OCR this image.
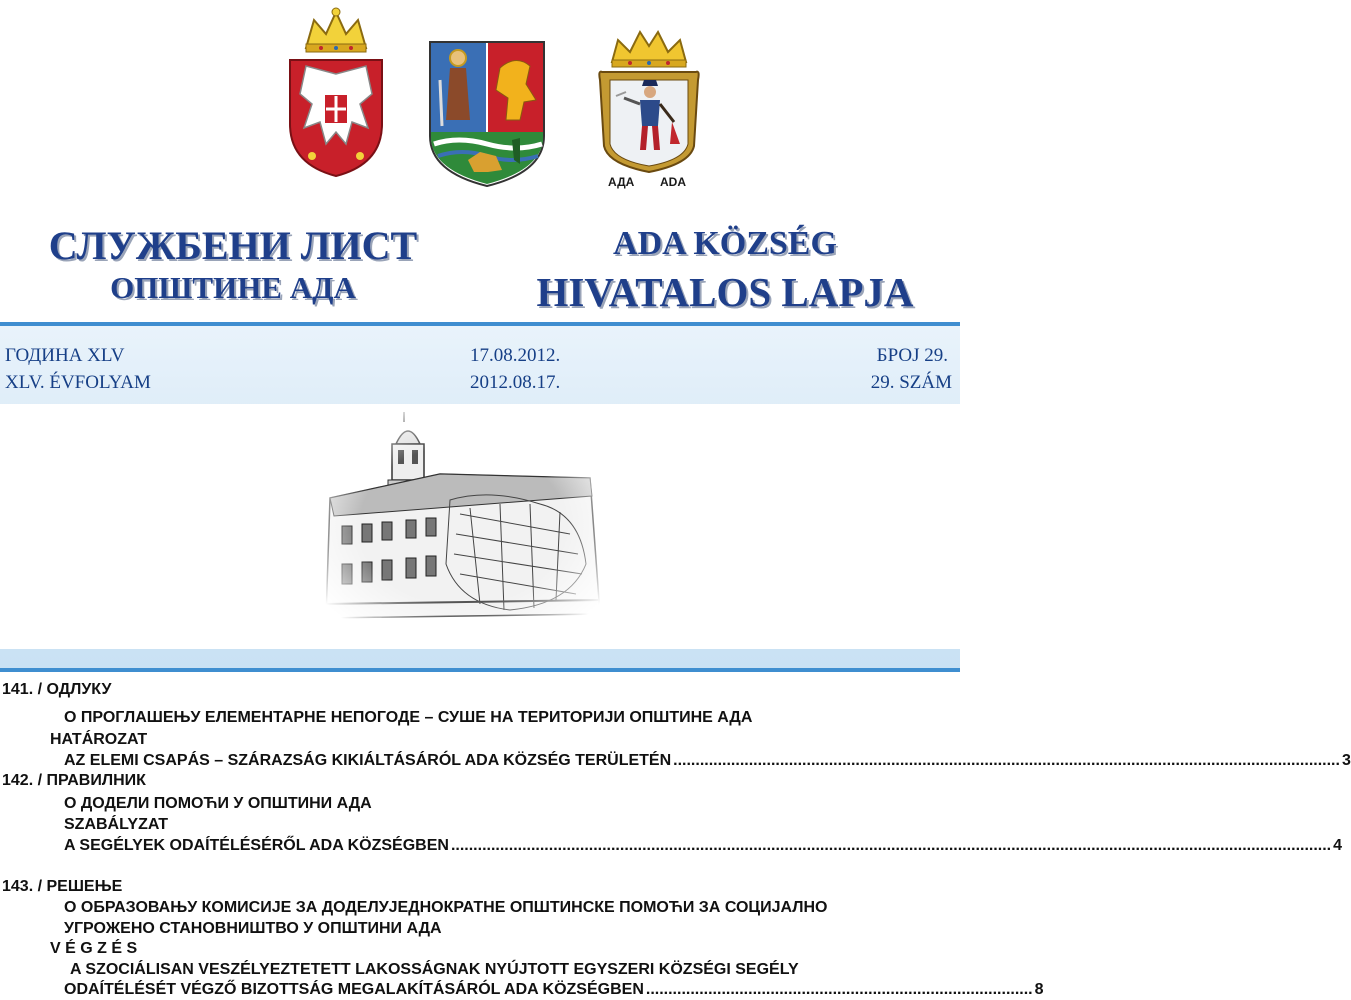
АДА ADA
СЛУЖБЕНИ ЛИСТ
ОПШТИНЕ АДА
ADA KÖZSÉG
HIVATALOS LAPJA
ГОДИНА XLV
XLV. ÉVFOLYAM
17.08.2012.
2012.08.17.
БРОЈ 29.
29. SZÁM
141. / ОДЛУКУ
О ПРОГЛАШЕЊУ ЕЛЕМЕНТАРНЕ НЕПОГОДЕ – СУШЕ НА ТЕРИТОРИЈИ ОПШТИНЕ АДА
HATÁROZAT
AZ ELEMI CSAPÁS – SZÁRAZSÁG KIKIÁLTÁSÁRÓL ADA KÖZSÉG TERÜLETÉN ...................................................................................................................................................... 3
142. / ПРАВИЛНИК
О ДОДЕЛИ ПОМОЋИ У ОПШТИНИ АДА
SZABÁLYZAT
A SEGÉLYEK ODAÍTÉLÉSÉRŐL ADA KÖZSÉGBEN ...................................................................................................................................................................................................... 4
143. / РЕШЕЊЕ
О ОБРАЗОВАЊУ КОМИСИЈЕ ЗА ДОДЕЛУЈЕДНОКРАТНЕ ОПШТИНСКЕ ПОМОЋИ ЗА СОЦИЈАЛНО
УГРОЖЕНО СТАНОВНИШТВО У ОПШТИНИ АДА
V É G Z É S
A SZOCIÁLISAN VESZÉLYEZTETETT LAKOSSÁGNAK NYÚJTOTT EGYSZERI KÖZSÉGI SEGÉLY
ODAÍTÉLÉSÉT VÉGZŐ BIZOTTSÁG MEGALAKÍTÁSÁRÓL ADA KÖZSÉGBEN ....................................................................................... 8
